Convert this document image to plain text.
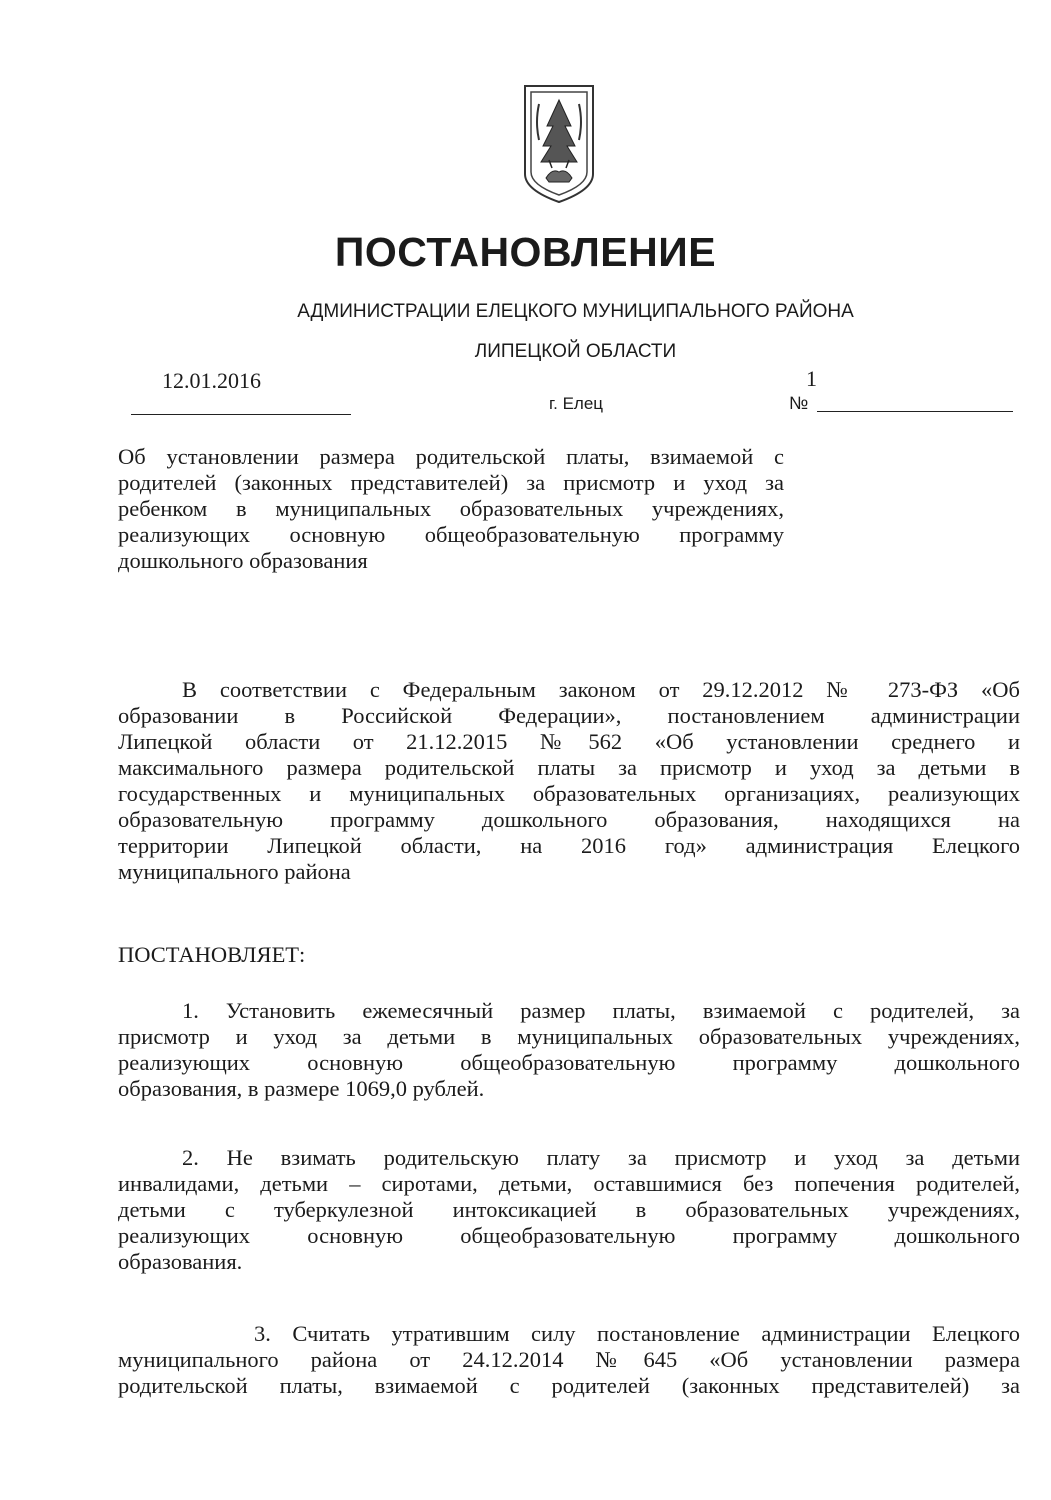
ПОСТАНОВЛЕНИЕ
АДМИНИСТРАЦИИ ЕЛЕЦКОГО МУНИЦИПАЛЬНОГО РАЙОНА
ЛИПЕЦКОЙ ОБЛАСТИ
12.01.2016
г. Елец
1
№
Об установлении размера родительской платы, взимаемой с
родителей (законных представителей) за присмотр и уход за
ребенком в муниципальных образовательных учреждениях,
реализующих основную общеобразовательную программу
дошкольного образования
В соответствии с Федеральным законом от 29.12.2012 № 273-ФЗ «Об
образовании в Российской Федерации», постановлением администрации
Липецкой области от 21.12.2015 №562 «Об установлении среднего и
максимального размера родительской платы за присмотр и уход за детьми в
государственных и муниципальных образовательных организациях, реализующих
образовательную программу дошкольного образования, находящихся на
территории Липецкой области, на 2016 год» администрация Елецкого
муниципального района
ПОСТАНОВЛЯЕТ:
1. Установить ежемесячный размер платы, взимаемой с родителей, за
присмотр и уход за детьми в муниципальных образовательных учреждениях,
реализующих основную общеобразовательную программу дошкольного
образования, в размере 1069,0 рублей.
2. Не взимать родительскую плату за присмотр и уход за детьми
инвалидами, детьми – сиротами, детьми, оставшимися без попечения родителей,
детьми с туберкулезной интоксикацией в образовательных учреждениях,
реализующих основную общеобразовательную программу дошкольного
образования.
3. Считать утратившим силу постановление администрации Елецкого
муниципального района от 24.12.2014 №645 «Об установлении размера
родительской платы, взимаемой с родителей (законных представителей) за
